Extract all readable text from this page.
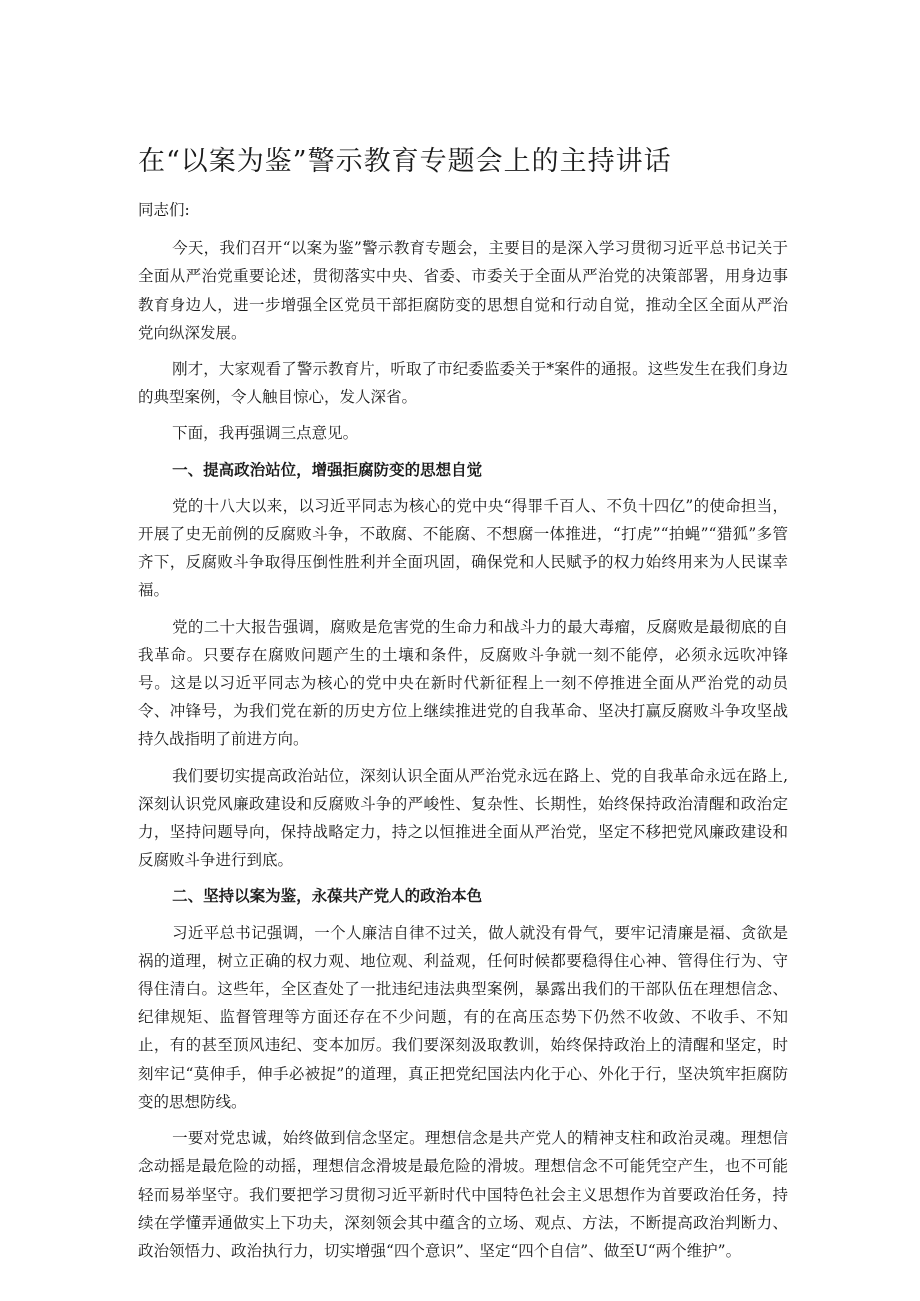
在“以案为鉴”警示教育专题会上的主持讲话

同志们:

今天，我们召开“以案为鉴”警示教育专题会，主要目的是深入学习贯彻习近平总书记关于全面从严治党重要论述，贯彻落实中央、省委、市委关于全面从严治党的决策部署，用身边事教育身边人，进一步增强全区党员干部拒腐防变的思想自觉和行动自觉，推动全区全面从严治党向纵深发展。

刚才，大家观看了警示教育片，听取了市纪委监委关于*案件的通报。这些发生在我们身边的典型案例，令人触目惊心，发人深省。

下面，我再强调三点意见。

一、提高政治站位，增强拒腐防变的思想自觉

党的十八大以来，以习近平同志为核心的党中央“得罪千百人、不负十四亿”的使命担当，开展了史无前例的反腐败斗争，不敢腐、不能腐、不想腐一体推进，“打虎”“拍蝇”“猎狐”多管齐下，反腐败斗争取得压倒性胜利并全面巩固，确保党和人民赋予的权力始终用来为人民谋幸福。

党的二十大报告强调，腐败是危害党的生命力和战斗力的最大毒瘤，反腐败是最彻底的自我革命。只要存在腐败问题产生的土壤和条件，反腐败斗争就一刻不能停，必须永远吹冲锋号。这是以习近平同志为核心的党中央在新时代新征程上一刻不停推进全面从严治党的动员令、冲锋号，为我们党在新的历史方位上继续推进党的自我革命、坚决打赢反腐败斗争攻坚战持久战指明了前进方向。

我们要切实提高政治站位，深刻认识全面从严治党永远在路上、党的自我革命永远在路上,深刻认识党风廉政建设和反腐败斗争的严峻性、复杂性、长期性，始终保持政治清醒和政治定力，坚持问题导向，保持战略定力，持之以恒推进全面从严治党，坚定不移把党风廉政建设和反腐败斗争进行到底。

二、坚持以案为鉴，永葆共产党人的政治本色

习近平总书记强调，一个人廉洁自律不过关，做人就没有骨气，要牢记清廉是福、贪欲是祸的道理，树立正确的权力观、地位观、利益观，任何时候都要稳得住心神、管得住行为、守得住清白。这些年，全区查处了一批违纪违法典型案例，暴露出我们的干部队伍在理想信念、纪律规矩、监督管理等方面还存在不少问题，有的在高压态势下仍然不收敛、不收手、不知止，有的甚至顶风违纪、变本加厉。我们要深刻汲取教训，始终保持政治上的清醒和坚定，时刻牢记“莫伸手，伸手必被捉”的道理，真正把党纪国法内化于心、外化于行，坚决筑牢拒腐防变的思想防线。

一要对党忠诚，始终做到信念坚定。理想信念是共产党人的精神支柱和政治灵魂。理想信念动摇是最危险的动摇，理想信念滑坡是最危险的滑坡。理想信念不可能凭空产生，也不可能轻而易举坚守。我们要把学习贯彻习近平新时代中国特色社会主义思想作为首要政治任务，持续在学懂弄通做实上下功夫，深刻领会其中蕴含的立场、观点、方法，不断提高政治判断力、政治领悟力、政治执行力，切实增强“四个意识”、坚定“四个自信”、做至U“两个维护”。
